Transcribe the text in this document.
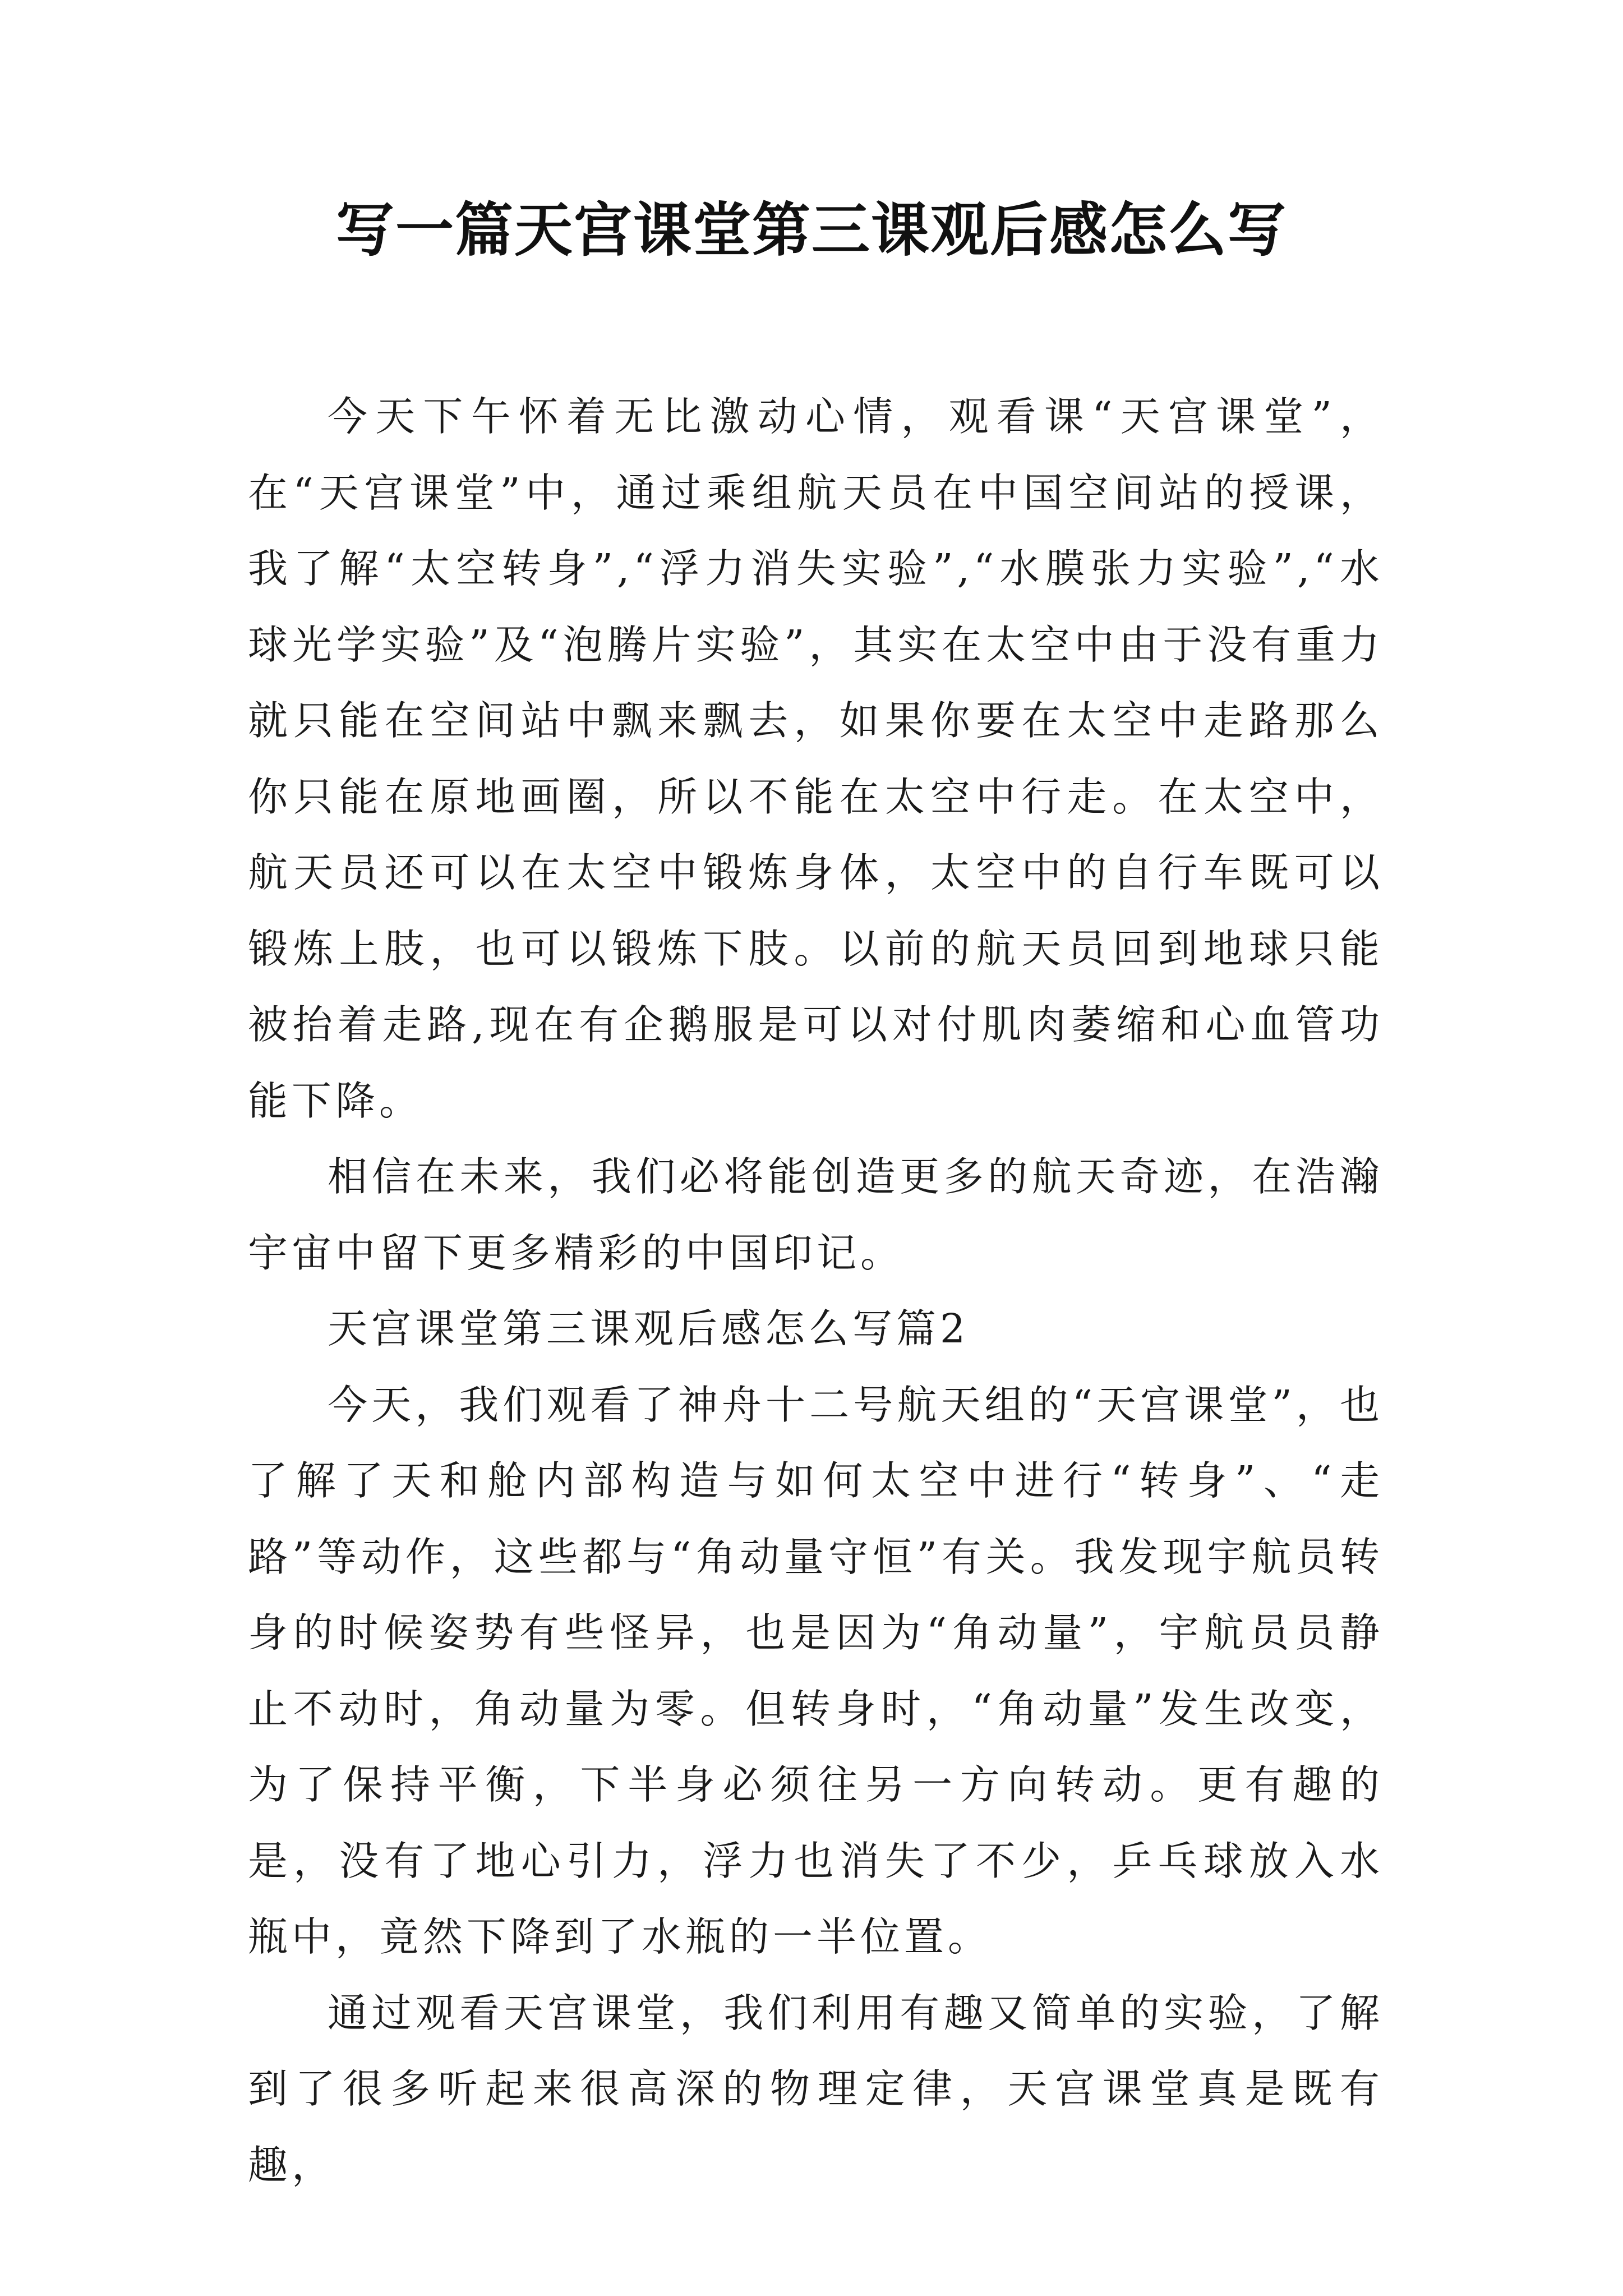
写一篇天宫课堂第三课观后感怎么写

今天下午怀着无比激动心情，观看课“天宫课堂”，在“天宫课堂”中，通过乘组航天员在中国空间站的授课，我了解“太空转身”,“浮力消失实验”,“水膜张力实验”,“水球光学实验”及“泡腾片实验”，其实在太空中由于没有重力就只能在空间站中飘来飘去，如果你要在太空中走路那么你只能在原地画圈，所以不能在太空中行走。在太空中，航天员还可以在太空中锻炼身体，太空中的自行车既可以锻炼上肢，也可以锻炼下肢。以前的航天员回到地球只能被抬着走路,现在有企鹅服是可以对付肌肉萎缩和心血管功能下降。

相信在未来，我们必将能创造更多的航天奇迹，在浩瀚宇宙中留下更多精彩的中国印记。

天宫课堂第三课观后感怎么写篇2

今天，我们观看了神舟十二号航天组的“天宫课堂”，也了解了天和舱内部构造与如何太空中进行“转身”、“走路”等动作，这些都与“角动量守恒”有关。我发现宇航员转身的时候姿势有些怪异，也是因为“角动量”，宇航员员静止不动时，角动量为零。但转身时，“角动量”发生改变，为了保持平衡，下半身必须往另一方向转动。更有趣的是，没有了地心引力，浮力也消失了不少，乒乓球放入水瓶中，竟然下降到了水瓶的一半位置。

通过观看天宫课堂，我们利用有趣又简单的实验，了解到了很多听起来很高深的物理定律，天宫课堂真是既有趣，
